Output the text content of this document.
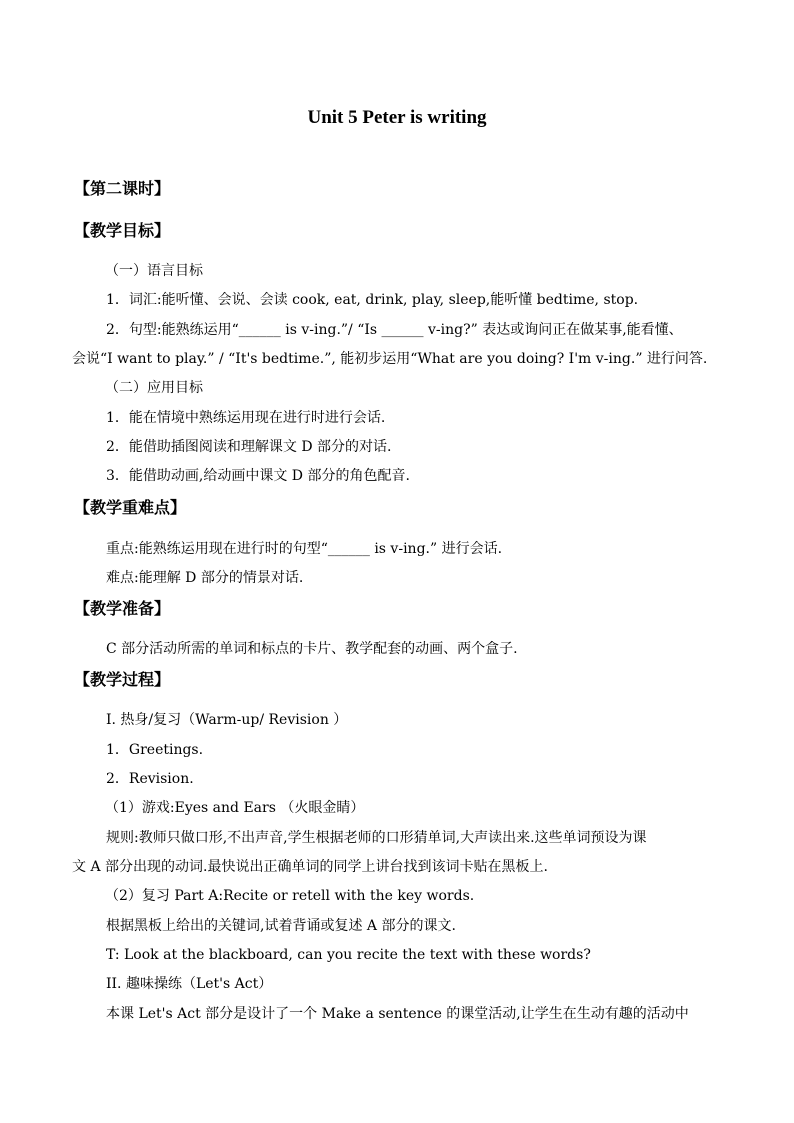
Unit 5 Peter is writing
【第二课时】
【教学目标】
（一）语言目标
1．词汇:能听懂、会说、会读 cook, eat, drink, play, sleep,能听懂 bedtime, stop.
2．句型:能熟练运用“______ is v-ing.”/ “Is ______ v-ing?” 表达或询问正在做某事,能看懂、
会说“I want to play.” / “It's bedtime.”, 能初步运用“What are you doing? I'm v-ing.” 进行问答.
（二）应用目标
1．能在情境中熟练运用现在进行时进行会话.
2．能借助插图阅读和理解课文 D 部分的对话.
3．能借助动画,给动画中课文 D 部分的角色配音.
【教学重难点】
重点:能熟练运用现在进行时的句型“______ is v-ing.” 进行会话.
难点:能理解 D 部分的情景对话.
【教学准备】
C 部分活动所需的单词和标点的卡片、教学配套的动画、两个盒子.
【教学过程】
I. 热身/复习（Warm-up/ Revision ）
1．Greetings.
2．Revision.
（1）游戏:Eyes and Ears （火眼金睛）
规则:教师只做口形,不出声音,学生根据老师的口形猜单词,大声读出来.这些单词预设为课
文 A 部分出现的动词.最快说出正确单词的同学上讲台找到该词卡贴在黑板上.
（2）复习 Part A:Recite or retell with the key words.
根据黑板上给出的关键词,试着背诵或复述 A 部分的课文.
T: Look at the blackboard, can you recite the text with these words?
II. 趣味操练（Let's Act）
本课 Let's Act 部分是设计了一个 Make a sentence 的课堂活动,让学生在生动有趣的活动中
